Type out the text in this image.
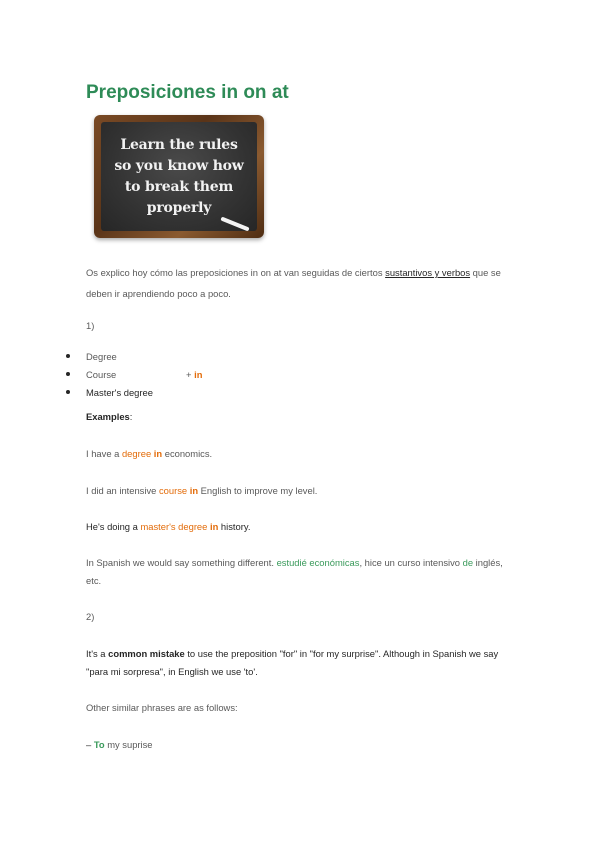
Preposiciones in on at
Learn the rules
so you know how
to break them
properly

Os explico hoy cómo las preposiciones in on at van seguidas de ciertos sustantivos y verbos que se

deben ir aprendiendo poco a poco.

1)

Degree

Course	+ in

Master's degree

Examples:

I have a degree in economics.

I did an intensive course in English to improve my level.

He's doing a master's degree in history.

In Spanish we would say something different. estudié económicas, hice un curso intensivo de inglés,

etc.

2)

It's a common mistake to use the preposition "for" in "for my surprise". Although in Spanish we say

"para mi sorpresa", in English we use 'to'.

Other similar phrases are as follows:

– To my suprise
